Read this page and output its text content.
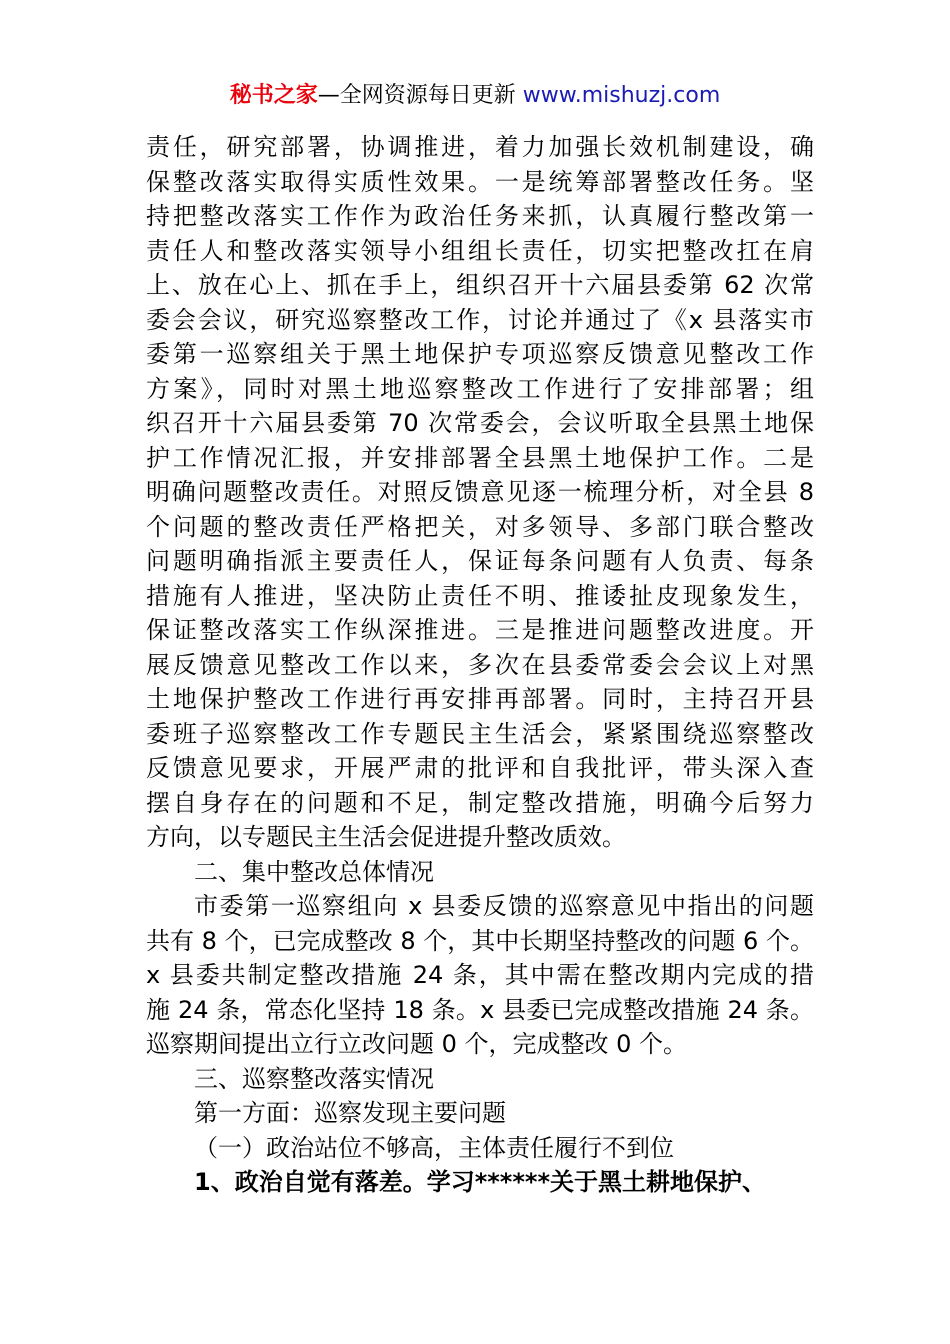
秘书之家—全网资源每日更新 www.mishuzj.com
责任，研究部署，协调推进，着力加强长效机制建设，确
保整改落实取得实质性效果。一是统筹部署整改任务。坚
持把整改落实工作作为政治任务来抓，认真履行整改第一
责任人和整改落实领导小组组长责任，切实把整改扛在肩
上、放在心上、抓在手上，组织召开十六届县委第 62 次常
委会会议，研究巡察整改工作，讨论并通过了《x 县落实市
委第一巡察组关于黑土地保护专项巡察反馈意见整改工作
方案》，同时对黑土地巡察整改工作进行了安排部署；组
织召开十六届县委第 70 次常委会，会议听取全县黑土地保
护工作情况汇报，并安排部署全县黑土地保护工作。二是
明确问题整改责任。对照反馈意见逐一梳理分析，对全县 8
个问题的整改责任严格把关，对多领导、多部门联合整改
问题明确指派主要责任人，保证每条问题有人负责、每条
措施有人推进，坚决防止责任不明、推诿扯皮现象发生，
保证整改落实工作纵深推进。三是推进问题整改进度。开
展反馈意见整改工作以来，多次在县委常委会会议上对黑
土地保护整改工作进行再安排再部署。同时，主持召开县
委班子巡察整改工作专题民主生活会，紧紧围绕巡察整改
反馈意见要求，开展严肃的批评和自我批评，带头深入查
摆自身存在的问题和不足，制定整改措施，明确今后努力
方向，以专题民主生活会促进提升整改质效。
二、集中整改总体情况
市委第一巡察组向 x 县委反馈的巡察意见中指出的问题
共有 8 个，已完成整改 8 个，其中长期坚持整改的问题 6 个。
x 县委共制定整改措施 24 条，其中需在整改期内完成的措
施 24 条，常态化坚持 18 条。x 县委已完成整改措施 24 条。
巡察期间提出立行立改问题 0 个，完成整改 0 个。
三、巡察整改落实情况
第一方面：巡察发现主要问题
（一）政治站位不够高，主体责任履行不到位
1、政治自觉有落差。学习******关于黑土耕地保护、
